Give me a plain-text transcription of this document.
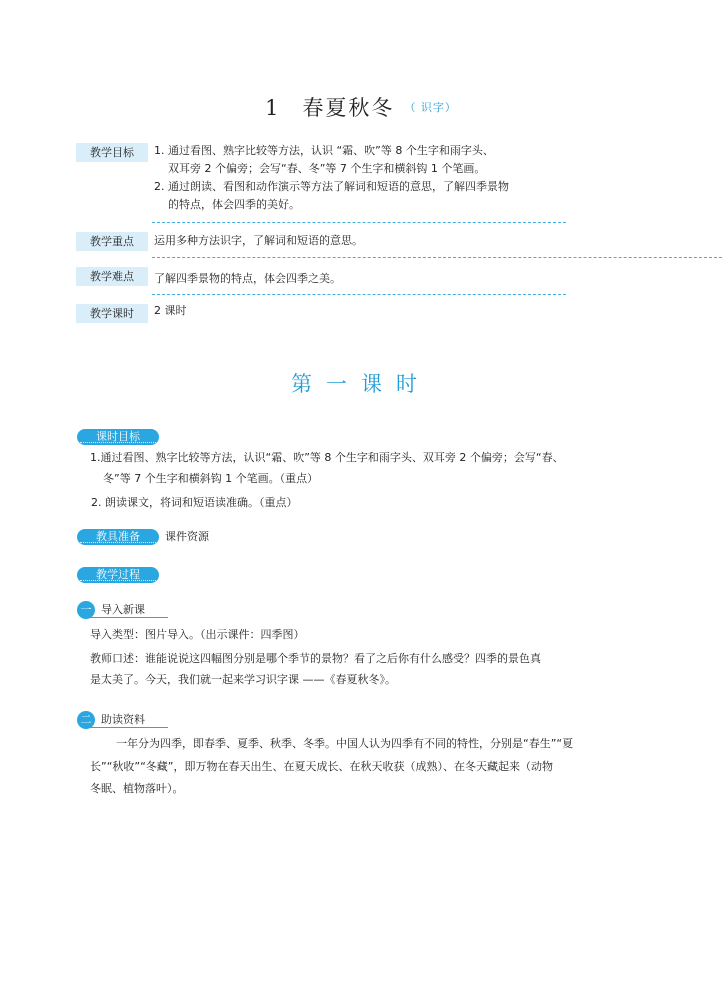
1 春夏秋冬 $^{( 识字)}$
教学目标	1. 通过看图、熟字比较等方法，认识 “霜、吹”等 8 个生字和雨字头、
双耳旁 2 个偏旁；会写“春、冬”等 7 个生字和横斜钩 1 个笔画。
2. 通过朗读、看图和动作演示等方法了解词和短语的意思，了解四季景物
的特点，体会四季的美好。
教学重点	运用多种方法识字，了解词和短语的意思。
教学难点	了解四季景物的特点，体会四季之美。
教学课时	2 课时
第一课时
课时目标
1.通过看图、熟字比较等方法，认识“霜、吹”等 8 个生字和雨字头、双耳旁 2 个偏旁；会写“春、
冬”等 7 个生字和横斜钩 1 个笔画。（重点）
2. 朗读课文，将词和短语读准确。（重点）
教具准备	课件资源
教学过程
一 导入新课
导入类型：图片导入。（出示课件：四季图）
教师口述：谁能说说这四幅图分别是哪个季节的景物？看了之后你有什么感受？四季的景色真
是太美了。今天，我们就一起来学习识字课 ——《春夏秋冬》。
二 助读资料
一年分为四季，即春季、夏季、秋季、冬季。中国人认为四季有不同的特性，分别是“春生”“夏
长”“秋收”“冬藏”，即万物在春天出生、在夏天成长、在秋天收获（成熟）、在冬天藏起来（动物
冬眠、植物落叶）。
